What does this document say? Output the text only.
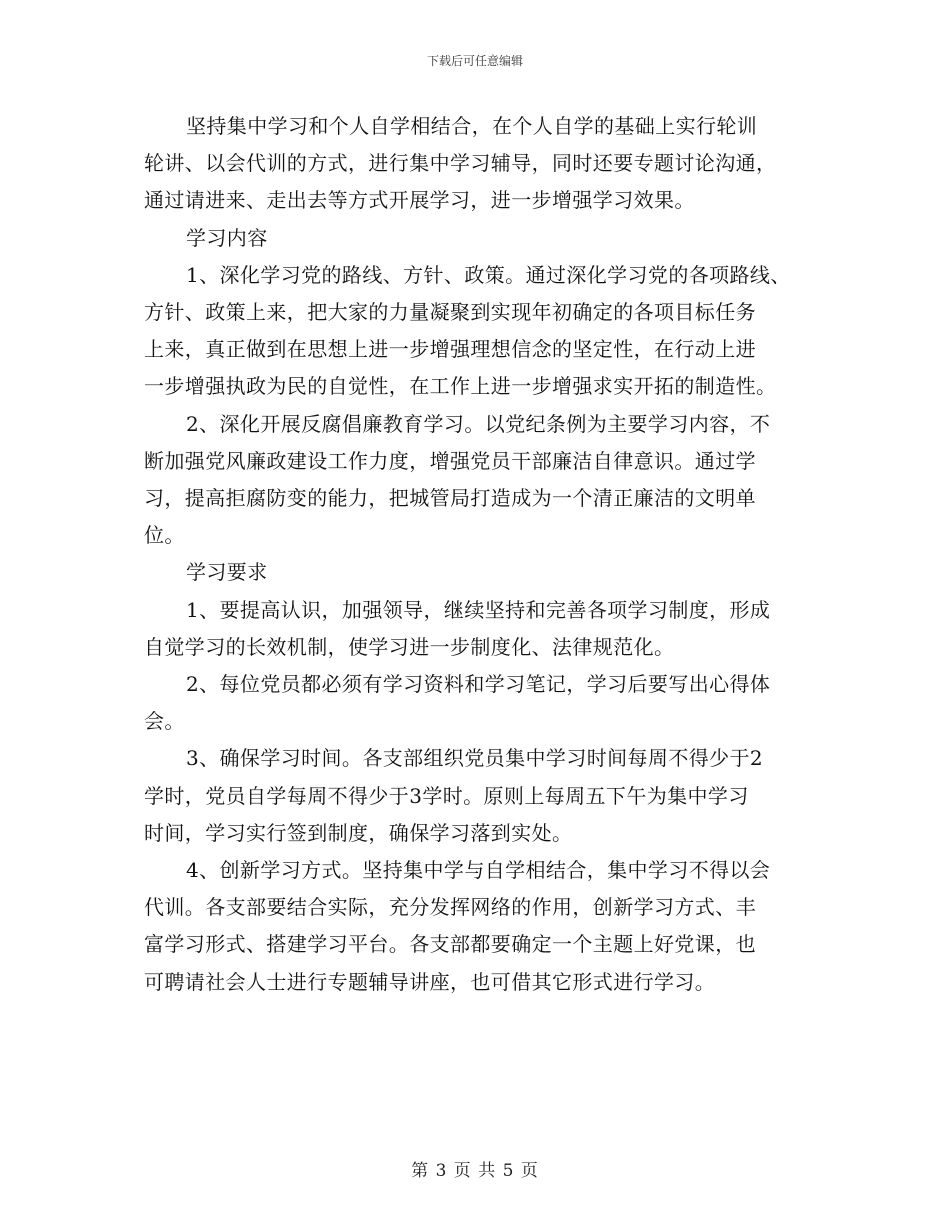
下载后可任意编辑

坚持集中学习和个人自学相结合，在个人自学的基础上实行轮训
轮讲、以会代训的方式，进行集中学习辅导，同时还要专题讨论沟通，
通过请进来、走出去等方式开展学习，进一步增强学习效果。

学习内容

1、深化学习党的路线、方针、政策。通过深化学习党的各项路线、
方针、政策上来，把大家的力量凝聚到实现年初确定的各项目标任务
上来，真正做到在思想上进一步增强理想信念的坚定性，在行动上进
一步增强执政为民的自觉性，在工作上进一步增强求实开拓的制造性。

2、深化开展反腐倡廉教育学习。以党纪条例为主要学习内容，不
断加强党风廉政建设工作力度，增强党员干部廉洁自律意识。通过学
习，提高拒腐防变的能力，把城管局打造成为一个清正廉洁的文明单
位。

学习要求

1、要提高认识，加强领导，继续坚持和完善各项学习制度，形成
自觉学习的长效机制，使学习进一步制度化、法律规范化。

2、每位党员都必须有学习资料和学习笔记，学习后要写出心得体
会。

3、确保学习时间。各支部组织党员集中学习时间每周不得少于2
学时，党员自学每周不得少于3学时。原则上每周五下午为集中学习
时间，学习实行签到制度，确保学习落到实处。

4、创新学习方式。坚持集中学与自学相结合，集中学习不得以会
代训。各支部要结合实际，充分发挥网络的作用，创新学习方式、丰
富学习形式、搭建学习平台。各支部都要确定一个主题上好党课，也
可聘请社会人士进行专题辅导讲座，也可借其它形式进行学习。

第 3 页 共 5 页
